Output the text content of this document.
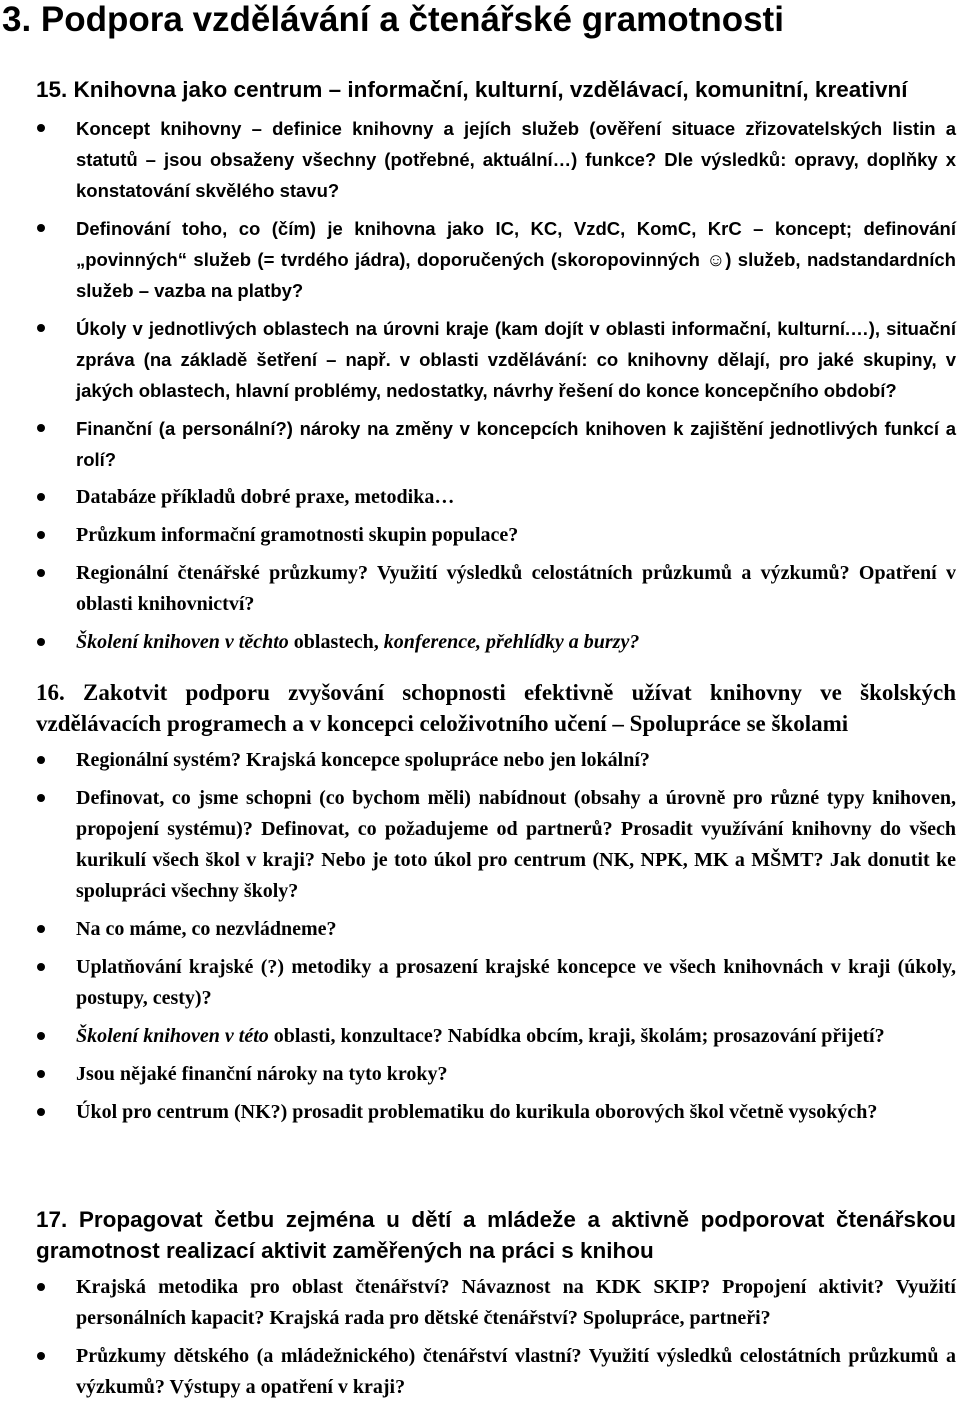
3. Podpora vzdělávání a čtenářské gramotnosti
15. Knihovna jako centrum – informační, kulturní, vzdělávací, komunitní, kreativní
Koncept knihovny – definice knihovny a jejích služeb (ověření situace zřizovatelských listin a statutů – jsou obsaženy všechny (potřebné, aktuální…) funkce? Dle výsledků: opravy, doplňky x konstatování skvělého stavu?
Definování toho, co (čím) je knihovna jako IC, KC, VzdC, KomC, KrC – koncept; definování „povinných“ služeb (= tvrdého jádra), doporučených (skoropovinných ☺) služeb, nadstandardních služeb – vazba na platby?
Úkoly v jednotlivých oblastech na úrovni kraje (kam dojít v oblasti informační, kulturní.…), situační zpráva (na základě šetření – např. v oblasti vzdělávání: co knihovny dělají, pro jaké skupiny, v jakých oblastech, hlavní problémy, nedostatky, návrhy řešení do konce koncepčního období?
Finanční (a personální?) nároky na změny v koncepcích knihoven k zajištění jednotlivých funkcí a rolí?
Databáze příkladů dobré praxe, metodika…
Průzkum informační gramotnosti skupin populace?
Regionální čtenářské průzkumy? Využití výsledků celostátních průzkumů a výzkumů? Opatření v oblasti knihovnictví?
Školení knihoven v těchto oblastech, konference, přehlídky a burzy?
16. Zakotvit podporu zvyšování schopnosti efektivně užívat knihovny ve školských vzdělávacích programech a v koncepci celoživotního učení – Spolupráce se školami
Regionální systém? Krajská koncepce spolupráce nebo jen lokální?
Definovat, co jsme schopni (co bychom měli) nabídnout (obsahy a úrovně pro různé typy knihoven, propojení systému)? Definovat, co požadujeme od partnerů? Prosadit využívání knihovny do všech kurikulí všech škol v kraji? Nebo je toto úkol pro centrum (NK, NPK, MK a MŠMT? Jak donutit ke spolupráci všechny školy?
Na co máme, co nezvládneme?
Uplatňování krajské (?) metodiky a prosazení krajské koncepce ve všech knihovnách v kraji (úkoly, postupy, cesty)?
Školení knihoven v této oblasti, konzultace? Nabídka obcím, kraji, školám; prosazování přijetí?
Jsou nějaké finanční nároky na tyto kroky?
Úkol pro centrum (NK?) prosadit problematiku do kurikula oborových škol včetně vysokých?
17. Propagovat četbu zejména u dětí a mládeže a aktivně podporovat čtenářskou gramotnost realizací aktivit zaměřených na práci s knihou
Krajská metodika pro oblast čtenářství? Návaznost na KDK SKIP? Propojení aktivit? Využití personálních kapacit? Krajská rada pro dětské čtenářství? Spolupráce, partneři?
Průzkumy dětského (a mládežnického) čtenářství vlastní? Využití výsledků celostátních průzkumů a výzkumů? Výstupy a opatření v kraji?
